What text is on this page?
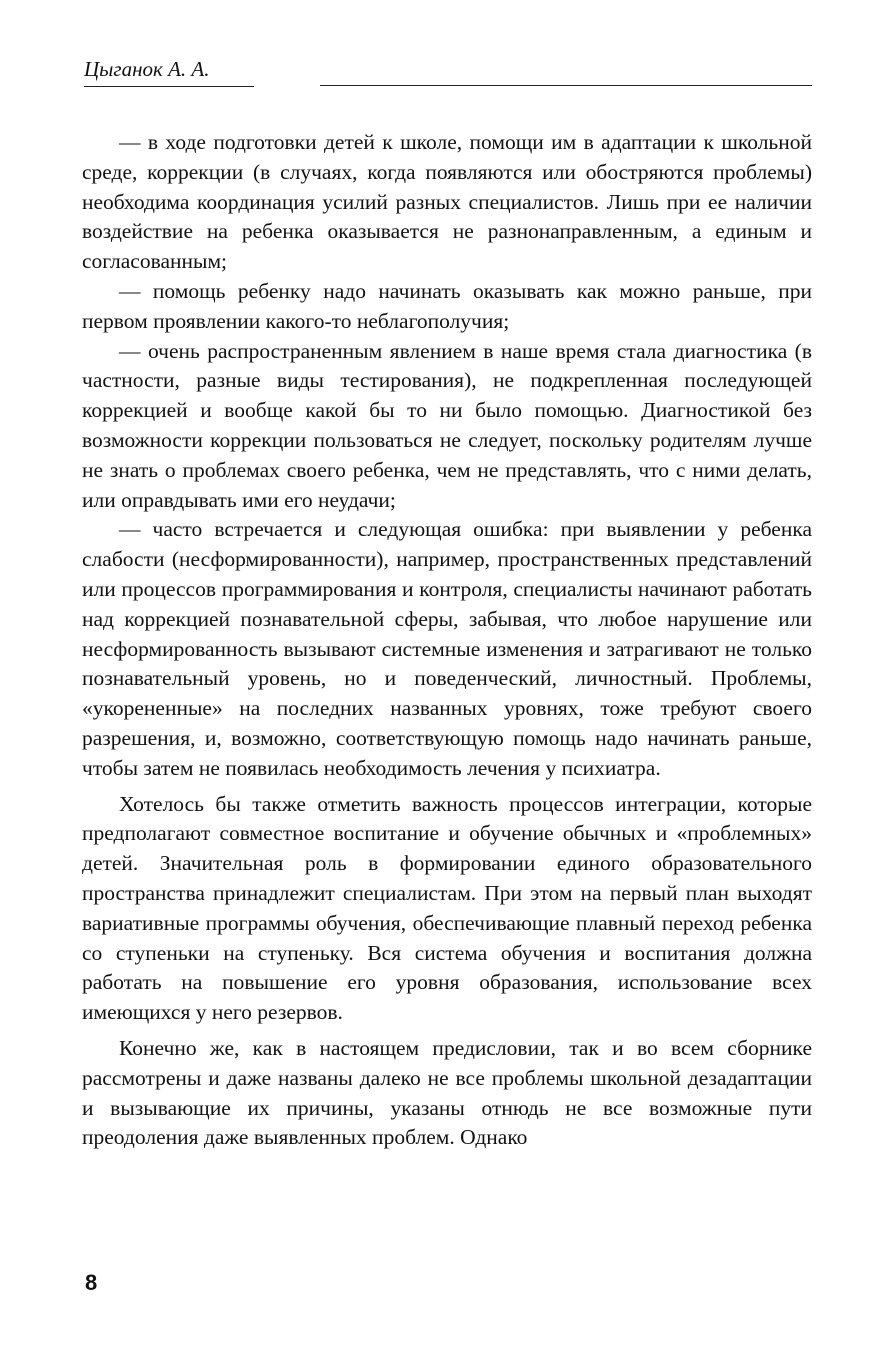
Цыганок А. А.

— в ходе подготовки детей к школе, помощи им в адаптации к школьной среде, коррекции (в случаях, когда появляются или обостряются проблемы) необходима координация усилий разных специалистов. Лишь при ее наличии воздействие на ребенка оказывается не разнонаправленным, а единым и согласованным;

— помощь ребенку надо начинать оказывать как можно раньше, при первом проявлении какого-то неблагополучия;

— очень распространенным явлением в наше время стала диагностика (в частности, разные виды тестирования), не подкрепленная последующей коррекцией и вообще какой бы то ни было помощью. Диагностикой без возможности коррекции пользоваться не следует, поскольку родителям лучше не знать о проблемах своего ребенка, чем не представлять, что с ними делать, или оправдывать ими его неудачи;

— часто встречается и следующая ошибка: при выявлении у ребенка слабости (несформированности), например, пространственных представлений или процессов программирования и контроля, специалисты начинают работать над коррекцией познавательной сферы, забывая, что любое нарушение или несформированность вызывают системные изменения и затрагивают не только познавательный уровень, но и поведенческий, личностный. Проблемы, «укорененные» на последних названных уровнях, тоже требуют своего разрешения, и, возможно, соответствующую помощь надо начинать раньше, чтобы затем не появилась необходимость лечения у психиатра.

Хотелось бы также отметить важность процессов интеграции, которые предполагают совместное воспитание и обучение обычных и «проблемных» детей. Значительная роль в формировании единого образовательного пространства принадлежит специалистам. При этом на первый план выходят вариативные программы обучения, обеспечивающие плавный переход ребенка со ступеньки на ступеньку. Вся система обучения и воспитания должна работать на повышение его уровня образования, использование всех имеющихся у него резервов.

Конечно же, как в настоящем предисловии, так и во всем сборнике рассмотрены и даже названы далеко не все проблемы школьной дезадаптации и вызывающие их причины, указаны отнюдь не все возможные пути преодоления даже выявленных проблем. Однако

8
